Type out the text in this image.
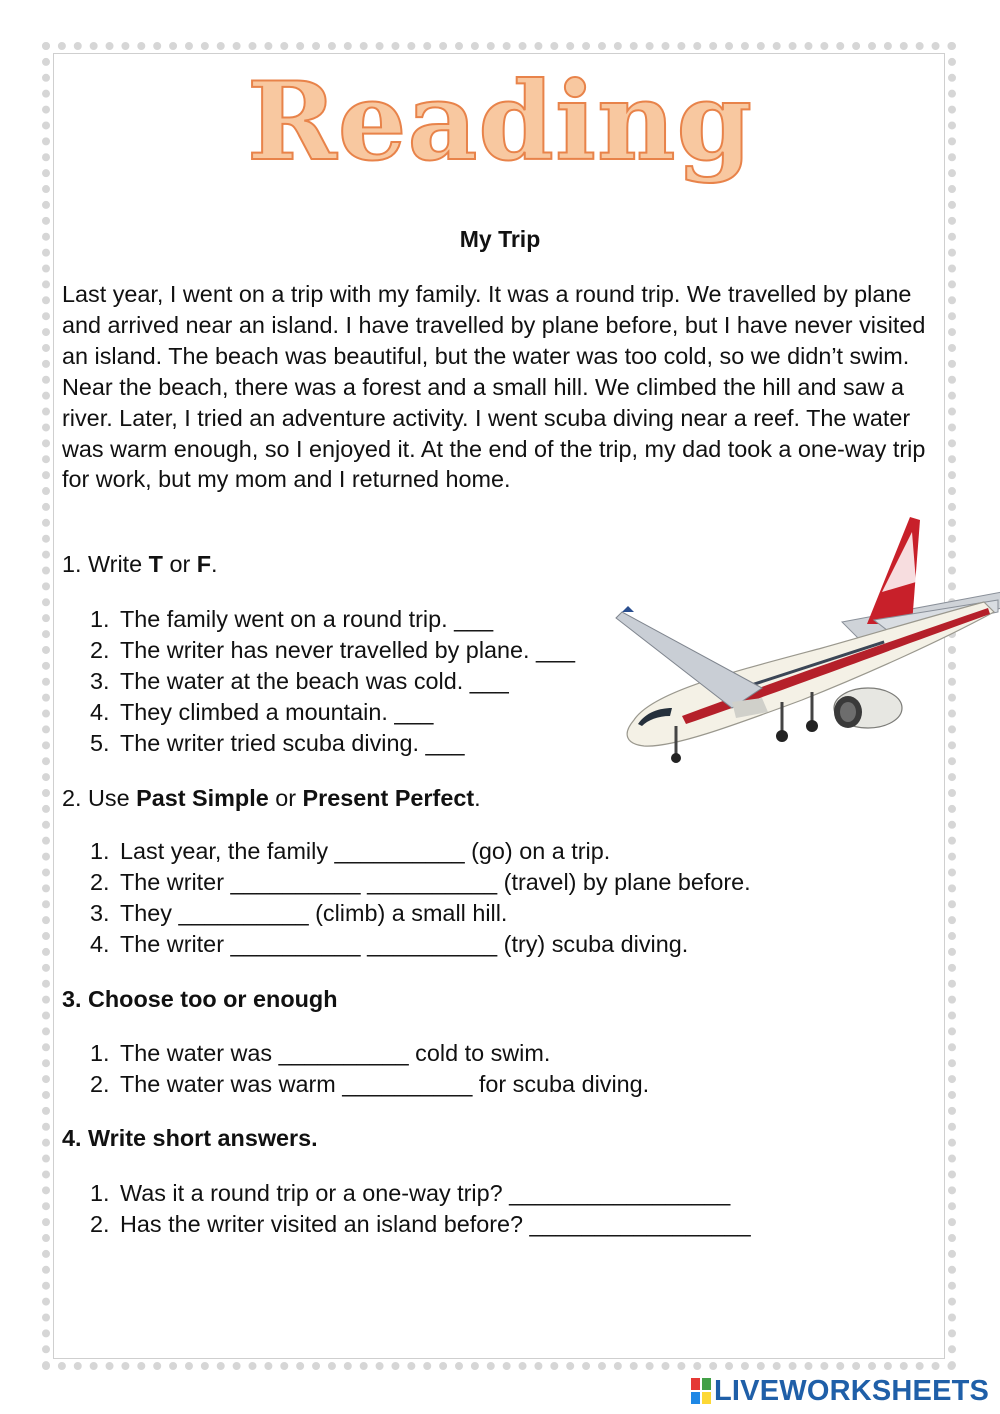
Reading
My Trip

Last year, I went on a trip with my family. It was a round trip. We travelled by plane and arrived near an island. I have travelled by plane before, but I have never visited an island. The beach was beautiful, but the water was too cold, so we didn’t swim. Near the beach, there was a forest and a small hill. We climbed the hill and saw a river. Later, I tried an adventure activity. I went scuba diving near a reef. The water was warm enough, so I enjoyed it. At the end of the trip, my dad took a one-way trip for work, but my mom and I returned home.

1. Write T or F.
1. The family went on a round trip. ___
2. The writer has never travelled by plane. ___
3. The water at the beach was cold. ___
4. They climbed a mountain. ___
5. The writer tried scuba diving. ___
2. Use Past Simple or Present Perfect.
1. Last year, the family __________ (go) on a trip.
2. The writer __________ __________ (travel) by plane before.
3. They __________ (climb) a small hill.
4. The writer __________ __________ (try) scuba diving.
3. Choose too or enough
1. The water was __________ cold to swim.
2. The water was warm __________ for scuba diving.
4. Write short answers.
1. Was it a round trip or a one-way trip? _________________
2. Has the writer visited an island before? _________________
LIVEWORKSHEETS
